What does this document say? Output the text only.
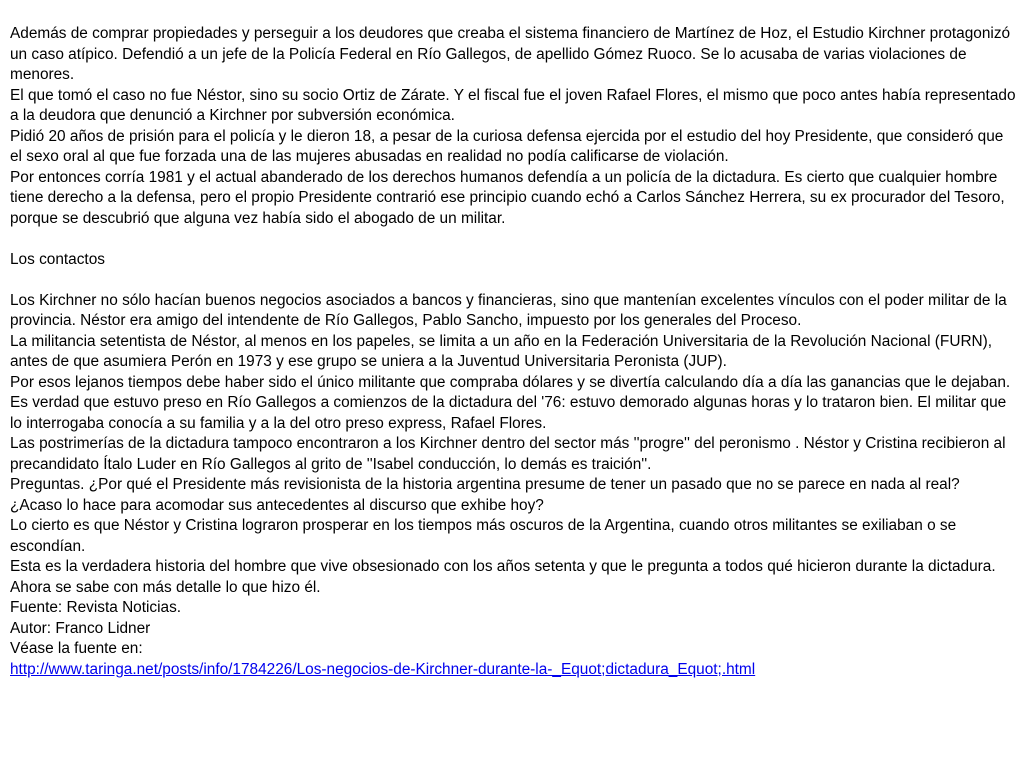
Además de comprar propiedades y perseguir a los deudores que creaba el sistema financiero de Martínez de Hoz, el Estudio Kirchner protagonizó un caso atípico. Defendió a un jefe de la Policía Federal en Río Gallegos, de apellido Gómez Ruoco. Se lo acusaba de varias violaciones de menores.

El que tomó el caso no fue Néstor, sino su socio Ortiz de Zárate. Y el fiscal fue el joven Rafael Flores, el mismo que poco antes había representado a la deudora que denunció a Kirchner por subversión económica.

Pidió 20 años de prisión para el policía y le dieron 18, a pesar de la curiosa defensa ejercida por el estudio del hoy Presidente, que consideró que el sexo oral al que fue forzada una de las mujeres abusadas en realidad no podía calificarse de violación.

Por entonces corría 1981 y el actual abanderado de los derechos humanos defendía a un policía de la dictadura. Es cierto que cualquier hombre tiene derecho a la defensa, pero el propio Presidente contrarió ese principio cuando echó a Carlos Sánchez Herrera, su ex procurador del Tesoro, porque se descubrió que alguna vez había sido el abogado de un militar.

Los contactos

Los Kirchner no sólo hacían buenos negocios asociados a bancos y financieras, sino que mantenían excelentes vínculos con el poder militar de la provincia. Néstor era amigo del intendente de Río Gallegos, Pablo Sancho, impuesto por los generales del Proceso.

La militancia setentista de Néstor, al menos en los papeles, se limita a un año en la Federación Universitaria de la Revolución Nacional (FURN), antes de que asumiera Perón en 1973 y ese grupo se uniera a la Juventud Universitaria Peronista (JUP).

Por esos lejanos tiempos debe haber sido el único militante que compraba dólares y se divertía calculando día a día las ganancias que le dejaban.

Es verdad que estuvo preso en Río Gallegos a comienzos de la dictadura del '76: estuvo demorado algunas horas y lo trataron bien. El militar que lo interrogaba conocía a su familia y a la del otro preso express, Rafael Flores.

Las postrimerías de la dictadura tampoco encontraron a los Kirchner dentro del sector más ''progre'' del peronismo . Néstor y Cristina recibieron al precandidato Ítalo Luder en Río Gallegos al grito de ''Isabel conducción, lo demás es traición''.

Preguntas. ¿Por qué el Presidente más revisionista de la historia argentina presume de tener un pasado que no se parece en nada al real? ¿Acaso lo hace para acomodar sus antecedentes al discurso que exhibe hoy?

Lo cierto es que Néstor y Cristina lograron prosperar en los tiempos más oscuros de la Argentina, cuando otros militantes se exiliaban o se escondían.

Esta es la verdadera historia del hombre que vive obsesionado con los años setenta y que le pregunta a todos qué hicieron durante la dictadura.

Ahora se sabe con más detalle lo que hizo él.

Fuente: Revista Noticias.

Autor: Franco Lidner

Véase la fuente en:

http://www.taringa.net/posts/info/1784226/Los-negocios-de-Kirchner-durante-la-_Equot;dictadura_Equot;.html
